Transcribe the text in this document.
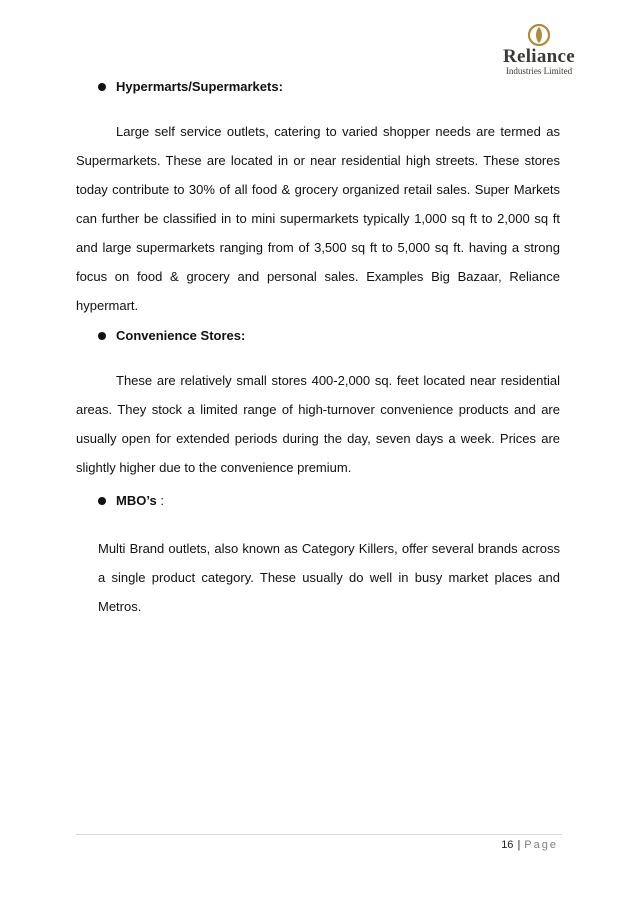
Reliance
Industries Limited
Hypermarts/Supermarkets:
Large self service outlets, catering to varied shopper needs are termed as Supermarkets. These are located in or near residential high streets. These stores today contribute to 30% of all food & grocery organized retail sales. Super Markets can further be classified in to mini supermarkets typically 1,000 sq ft to 2,000 sq ft and large supermarkets ranging from of 3,500 sq ft to 5,000 sq ft. having a strong focus on food & grocery and personal sales. Examples Big Bazaar, Reliance hypermart.
Convenience Stores:
These are relatively small stores 400-2,000 sq. feet located near residential areas. They stock a limited range of high-turnover convenience products and are usually open for extended periods during the day, seven days a week. Prices are slightly higher due to the convenience premium.
MBO’s :
Multi Brand outlets, also known as Category Killers, offer several brands across a single product category. These usually do well in busy market places and Metros.
16 | Page
